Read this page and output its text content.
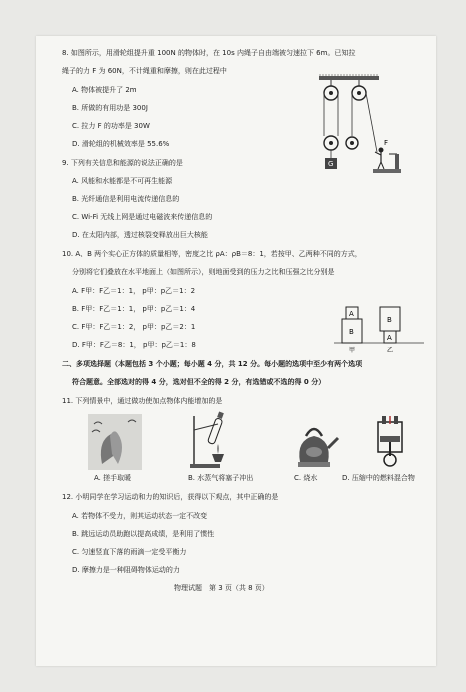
8. 如图所示，用滑轮组提升重 100N 的物体时，在 10s 内绳子自由端被匀速拉下 6m。已知拉
绳子的力 F 为 60N，不计绳重和摩擦，则在此过程中
A. 物体被提升了 2m
B. 所做的有用功是 300J
C. 拉力 F 的功率是 30W
D. 滑轮组的机械效率是 55.6%
G
F
9. 下列有关信息和能源的说法正确的是
A. 风能和水能都是不可再生能源
B. 光纤通信是利用电流传递信息的
C. Wi-Fi 无线上网是通过电磁波来传递信息的
D. 在太阳内部，透过核裂变释放出巨大核能
10. A、B 两个实心正方体的质量相等，密度之比 ρA：ρB＝8：1，若按甲、乙两种不同的方式，
分别将它们叠放在水平地面上（如图所示），则地面受到的压力之比和压强之比分别是
A. F甲：F乙＝1：1， p甲：p乙＝1：2
B. F甲：F乙＝1：1， p甲：p乙＝1：4
C. F甲：F乙＝1：2， p甲：p乙＝2：1
D. F甲：F乙＝8：1， p甲：p乙＝1：8
B
A
A
B
甲	乙
二、多项选择题（本题包括 3 个小题；每小题 4 分，共 12 分。每小题的选项中至少有两个选项
符合题意。全部选对的得 4 分，选对但不全的得 2 分，有选错或不选的得 0 分）
11. 下列情景中，通过做功使加点物体内能增加的是
A. 搓手取暖	B. 水蒸气将塞子冲出	C. 烧水	D. 压缩中的燃料混合物
12. 小明同学在学习运动和力的知识后，获得以下观点，其中正确的是
A. 若物体不受力，则其运动状态一定不改变
B. 跳远运动员助跑以提高成绩，是利用了惯性
C. 匀速竖直下落的雨滴一定受平衡力
D. 摩擦力是一种阻碍物体运动的力
物理试题　第 3 页（共 8 页）
